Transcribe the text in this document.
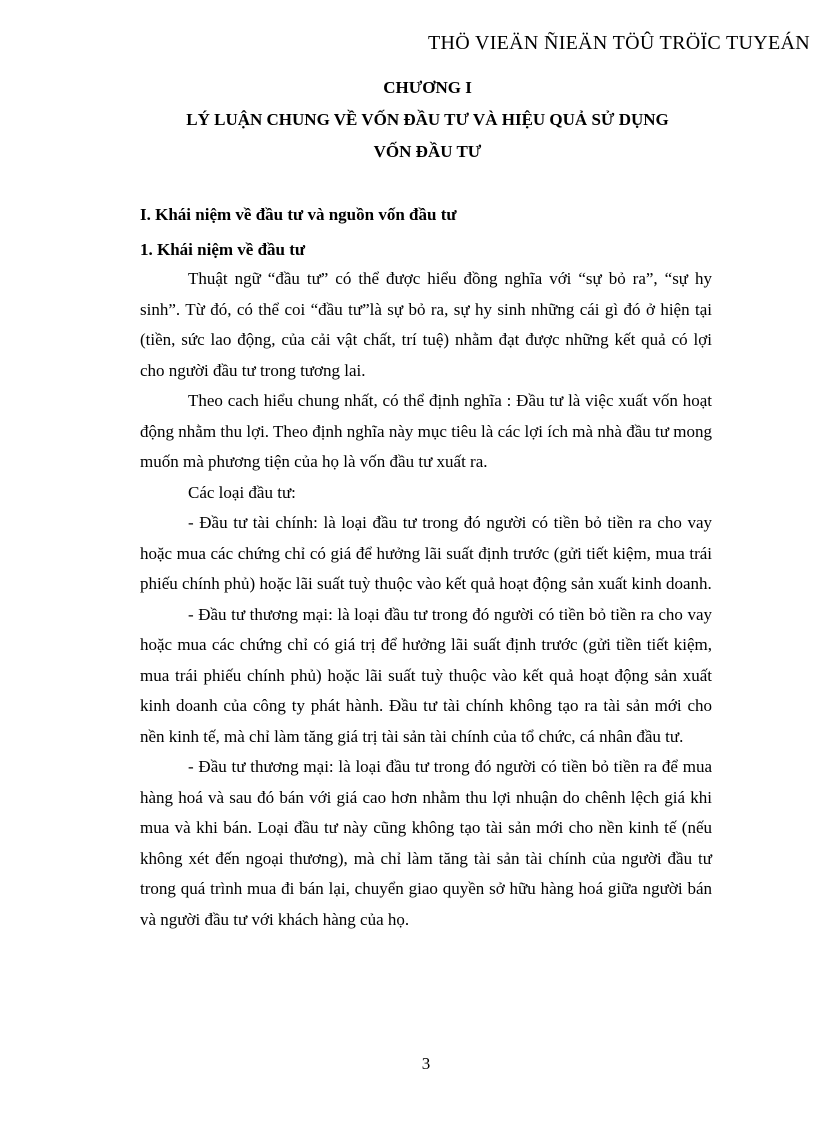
THÖ VIEÄN ÑIEÄN TÖÛ TRÖÏC TUYEÁN
CHƯƠNG I
LÝ LUẬN CHUNG VỀ VỐN ĐẦU TƯ VÀ HIỆU QUẢ SỬ DỤNG
VỐN ĐẦU TƯ
I. Khái niệm về đầu tư và nguồn vốn đầu tư
1. Khái niệm về đầu tư

Thuật ngữ “đầu tư” có thể được hiểu đồng nghĩa với “sự bỏ ra”, “sự hy sinh”. Từ đó, có thể coi “đầu tư”là sự bỏ ra, sự hy sinh những cái gì đó ở hiện tại (tiền, sức lao động, của cải vật chất, trí tuệ) nhằm đạt được những kết quả có lợi cho người đầu tư trong tương lai.

Theo cach hiểu chung nhất, có thể định nghĩa : Đầu tư là việc xuất vốn hoạt động nhằm thu lợi. Theo định nghĩa này mục tiêu là các lợi ích mà nhà đầu tư mong muốn mà phương tiện của họ là vốn đầu tư xuất ra.

Các loại đầu tư:

- Đầu tư tài chính: là loại đầu tư trong đó người có tiền bỏ tiền ra cho vay hoặc mua các chứng chỉ có giá để hưởng lãi suất định trước (gửi tiết kiệm, mua trái phiếu chính phủ) hoặc lãi suất tuỳ thuộc vào kết quả hoạt động sản xuất kinh doanh.

- Đầu tư thương mại: là loại đầu tư trong đó người có tiền bỏ tiền ra cho vay hoặc mua các chứng chỉ có giá trị để hưởng lãi suất định trước (gửi tiền tiết kiệm, mua trái phiếu chính phủ) hoặc lãi suất tuỳ thuộc vào kết quả hoạt động sản xuất kinh doanh của công ty phát hành. Đầu tư tài chính không tạo ra tài sản mới cho nền kinh tế, mà chỉ làm tăng giá trị tài sản tài chính của tổ chức, cá nhân đầu tư.

- Đầu tư thương mại: là loại đầu tư trong đó người có tiền bỏ tiền ra để mua hàng hoá và sau đó bán với giá cao hơn nhằm thu lợi nhuận do chênh lệch giá khi mua và khi bán. Loại đầu tư này cũng không tạo tài sản mới cho nền kinh tế (nếu không xét đến ngoại thương), mà chỉ làm tăng tài sản tài chính của người đầu tư trong quá trình mua đi bán lại, chuyển giao quyền sở hữu hàng hoá giữa người bán và người đầu tư với khách hàng của họ.

3
